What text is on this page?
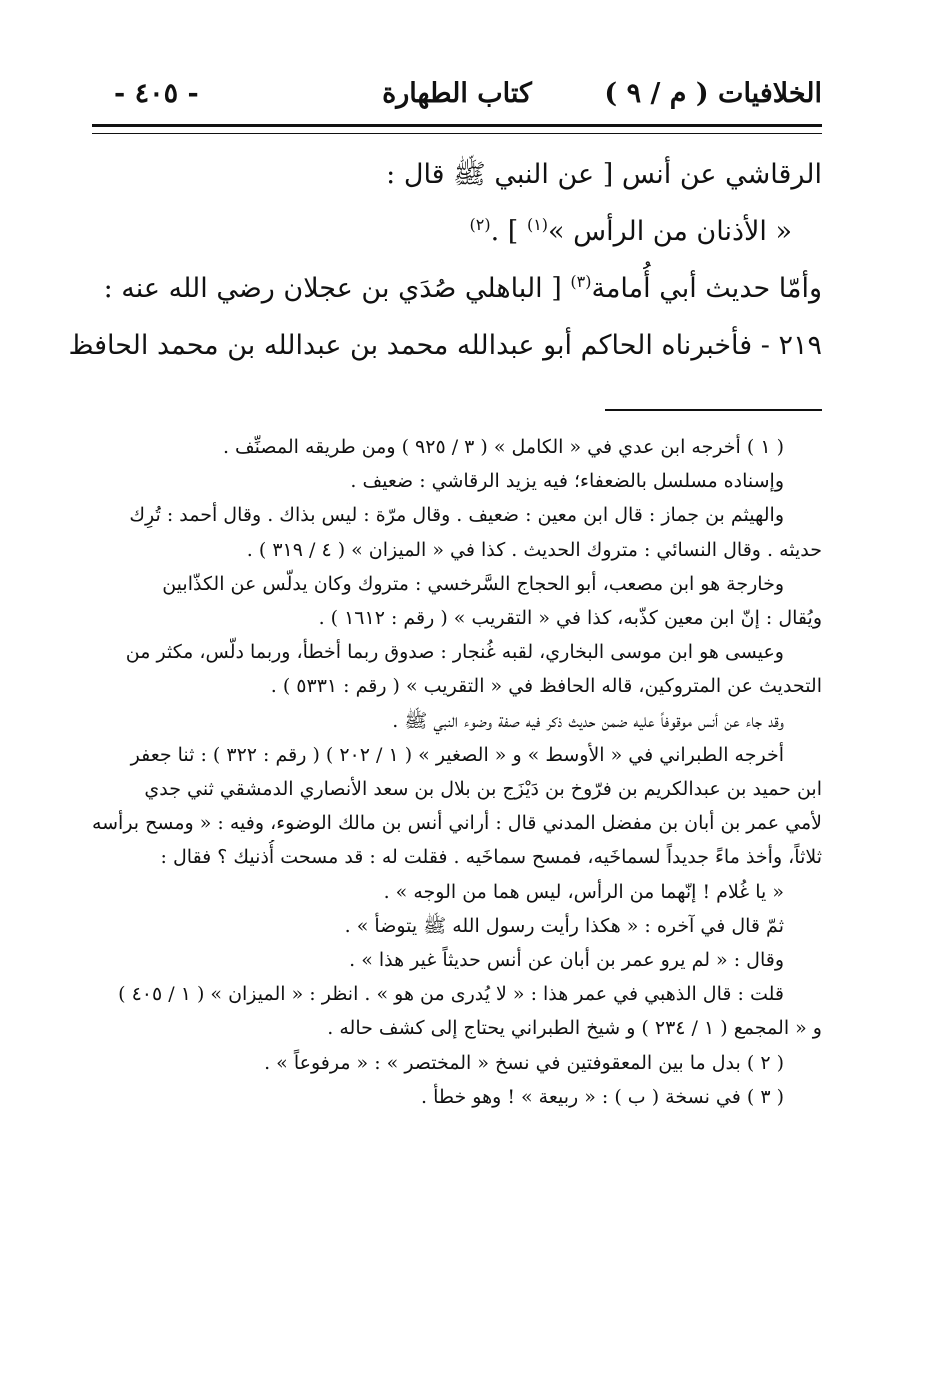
الخلافيات ( م / ٩ )
كتاب الطهارة
- ٤٠٥ -

الرقاشي عن أنس [ عن النبي ﷺ قال :

« الأذنان من الرأس »$^{(١)}$ ] .$^{(٢)}$

وأمّا حديث أبي أُمامة$^{(٣)}$ [ الباهلي صُدَي بن عجلان رضي الله عنه :

٢١٩ - فأخبرناه الحاكم أبو عبدالله محمد بن عبدالله بن محمد الحافظ

( ١ ) أخرجه ابن عدي في « الكامل » ( ٣ / ٩٢٥ ) ومن طريقه المصنِّف .

وإسناده مسلسل بالضعفاء؛ فيه يزيد الرقاشي : ضعيف .

والهيثم بن جماز : قال ابن معين : ضعيف . وقال مرّة : ليس بذاك . وقال أحمد : تُرِك

حديثه . وقال النسائي : متروك الحديث . كذا في « الميزان » ( ٤ / ٣١٩ ) .

وخارجة هو ابن مصعب، أبو الحجاج السَّرخسي : متروك وكان يدلّس عن الكذّابين

ويُقال : إنّ ابن معين كذّبه، كذا في « التقريب » ( رقم : ١٦١٢ ) .

وعيسى هو ابن موسى البخاري، لقبه غُنجار : صدوق ربما أخطأ، وربما دلّس، مكثر من

التحديث عن المتروكين، قاله الحافظ في « التقريب » ( رقم : ٥٣٣١ ) .

وقد جاء عن أنس موقوفاً عليه ضمن حديث ذكر فيه صفة وضوء النبي ﷺ .

أخرجه الطبراني في « الأوسط » و « الصغير » ( ١ / ٢٠٢ ) ( رقم : ٣٢٢ ) : ثنا جعفر

ابن حميد بن عبدالكريم بن فرّوخ بن دَيْزَج بن بلال بن سعد الأنصاري الدمشقي ثني جدي

لأمي عمر بن أبان بن مفضل المدني قال : أراني أنس بن مالك الوضوء، وفيه : « ومسح برأسه

ثلاثاً، وأخذ ماءً جديداً لسماخَيه، فمسح سماخَيه . فقلت له : قد مسحت أُذنيك ؟ فقال :

« يا غُلام ! إنّهما من الرأس، ليس هما من الوجه » .

ثمّ قال في آخره : « هكذا رأيت رسول الله ﷺ يتوضأ » .

وقال : « لم يرو عمر بن أبان عن أنس حديثاً غير هذا » .

قلت : قال الذهبي في عمر هذا : « لا يُدرى من هو » . انظر : « الميزان » ( ١ / ٤٠٥ )

و « المجمع ( ١ / ٢٣٤ ) و شيخ الطبراني يحتاج إلى كشف حاله .

( ٢ ) بدل ما بين المعقوفتين في نسخ « المختصر » : « مرفوعاً » .

( ٣ ) في نسخة ( ب ) : « ربيعة » ! وهو خطأ .
